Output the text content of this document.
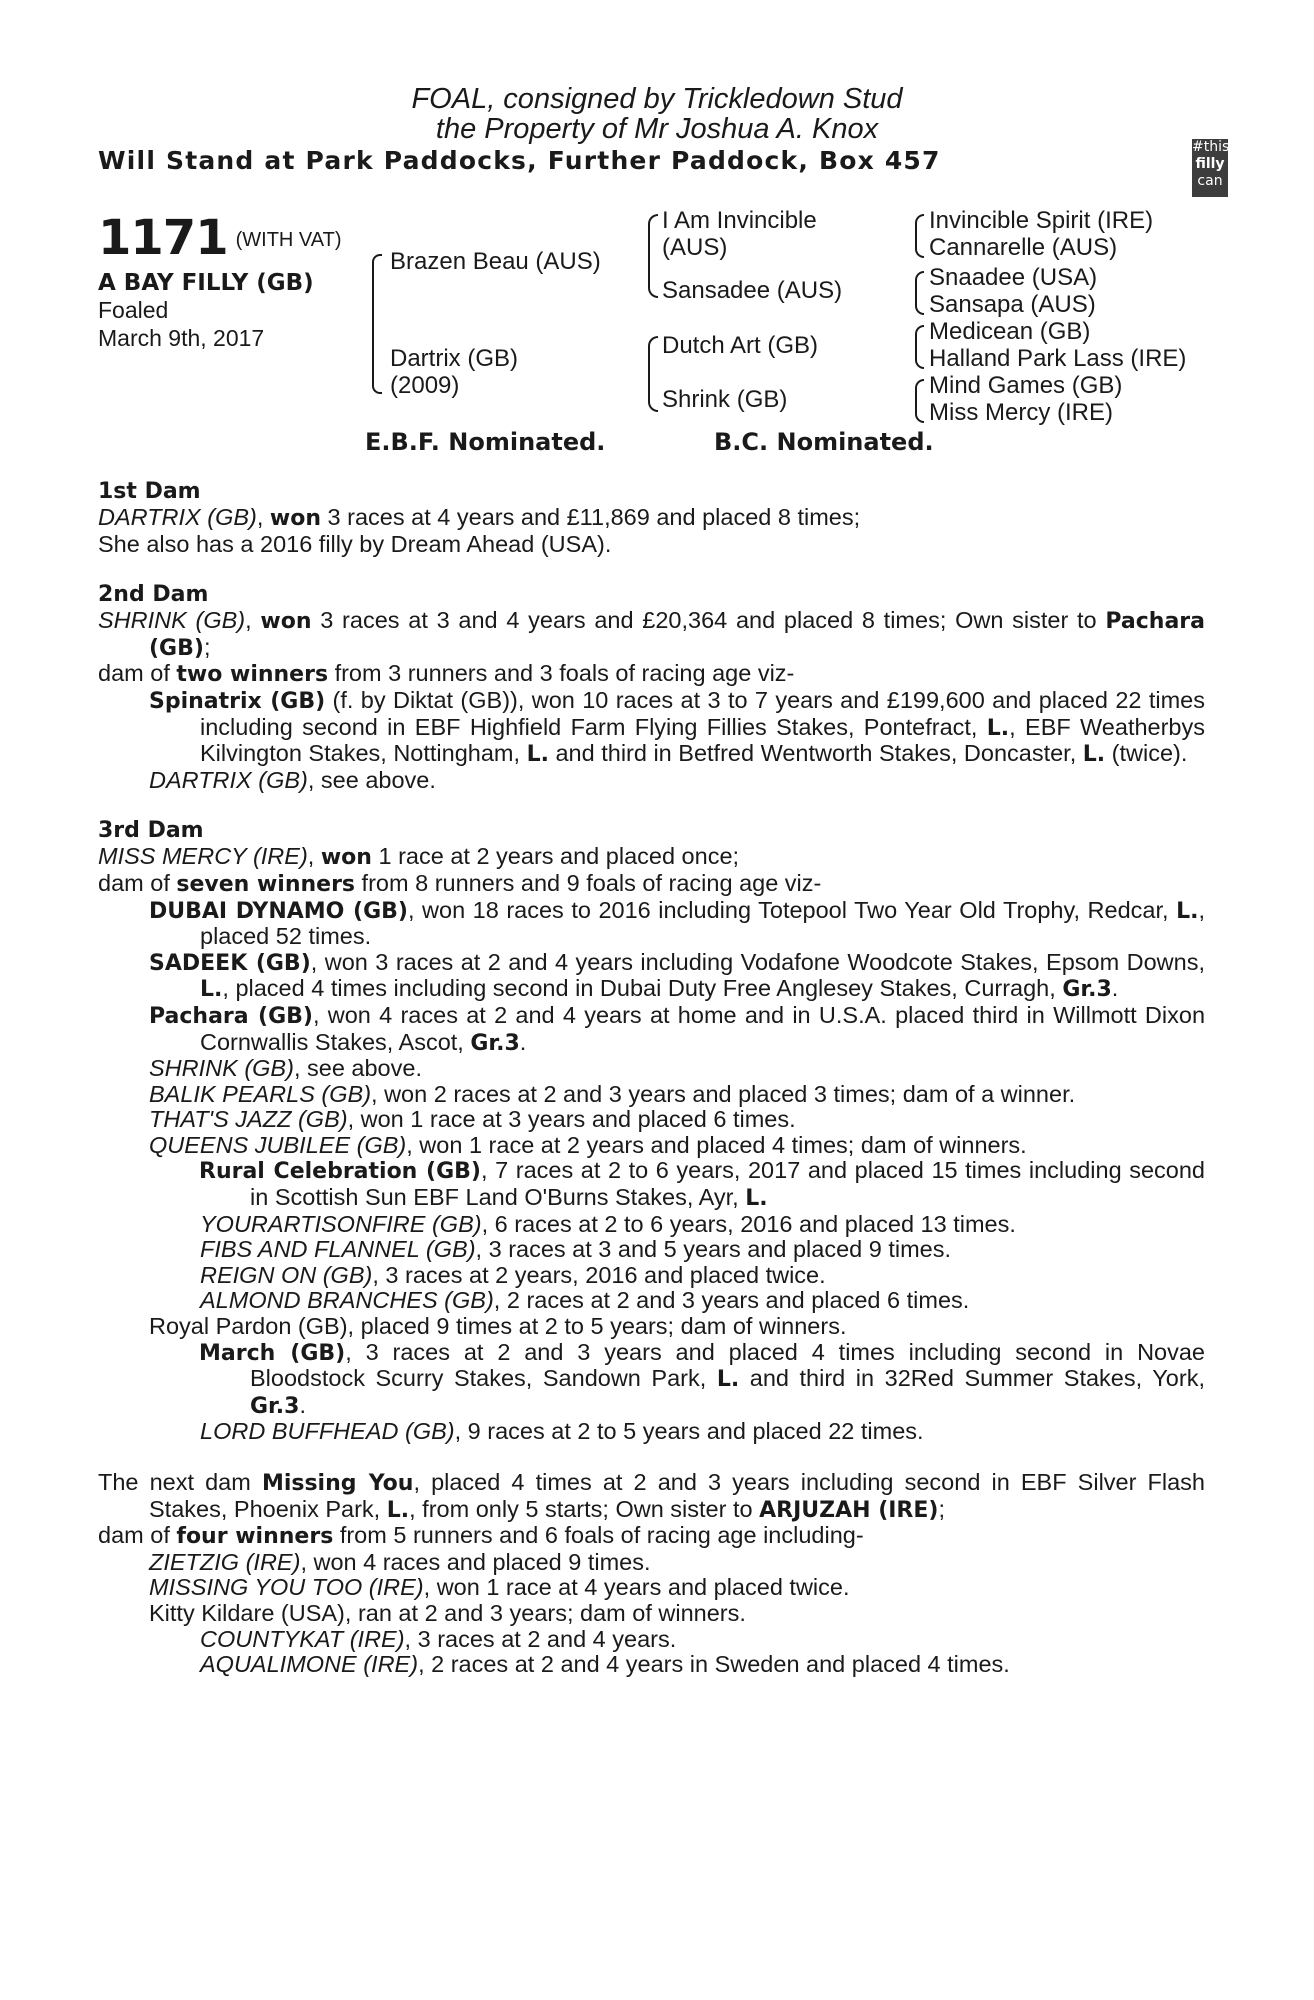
FOAL, consigned by Trickledown Stud
the Property of Mr Joshua A. Knox
Will Stand at Park Paddocks, Further Paddock, Box 457	#this
filly
can
1171 (WITH VAT)
A BAY FILLY (GB)
Foaled
March 9th, 2017
Brazen Beau (AUS)
Dartrix (GB)
(2009)
I Am Invincible
(AUS)
Sansadee (AUS)
Dutch Art (GB)
Shrink (GB)
Invincible Spirit (IRE)
Cannarelle (AUS)
Snaadee (USA)
Sansapa (AUS)
Medicean (GB)
Halland Park Lass (IRE)
Mind Games (GB)
Miss Mercy (IRE)
E.B.F. Nominated.	B.C. Nominated.
1st Dam
DARTRIX (GB), won 3 races at 4 years and £11,869 and placed 8 times;
She also has a 2016 filly by Dream Ahead (USA).
2nd Dam
SHRINK (GB), won 3 races at 3 and 4 years and £20,364 and placed 8 times; Own sister to Pachara (GB);
dam of two winners from 3 runners and 3 foals of racing age viz-
Spinatrix (GB) (f. by Diktat (GB)), won 10 races at 3 to 7 years and £199,600 and placed 22 times including second in EBF Highfield Farm Flying Fillies Stakes, Pontefract, L., EBF Weatherbys Kilvington Stakes, Nottingham, L. and third in Betfred Wentworth Stakes, Doncaster, L. (twice).
DARTRIX (GB), see above.
3rd Dam
MISS MERCY (IRE), won 1 race at 2 years and placed once;
dam of seven winners from 8 runners and 9 foals of racing age viz-
DUBAI DYNAMO (GB), won 18 races to 2016 including Totepool Two Year Old Trophy, Redcar, L., placed 52 times.
SADEEK (GB), won 3 races at 2 and 4 years including Vodafone Woodcote Stakes, Epsom Downs, L., placed 4 times including second in Dubai Duty Free Anglesey Stakes, Curragh, Gr.3.
Pachara (GB), won 4 races at 2 and 4 years at home and in U.S.A. placed third in Willmott Dixon Cornwallis Stakes, Ascot, Gr.3.
SHRINK (GB), see above.
BALIK PEARLS (GB), won 2 races at 2 and 3 years and placed 3 times; dam of a winner.
THAT'S JAZZ (GB), won 1 race at 3 years and placed 6 times.
QUEENS JUBILEE (GB), won 1 race at 2 years and placed 4 times; dam of winners.
Rural Celebration (GB), 7 races at 2 to 6 years, 2017 and placed 15 times including second in Scottish Sun EBF Land O'Burns Stakes, Ayr, L.
YOURARTISONFIRE (GB), 6 races at 2 to 6 years, 2016 and placed 13 times.
FIBS AND FLANNEL (GB), 3 races at 3 and 5 years and placed 9 times.
REIGN ON (GB), 3 races at 2 years, 2016 and placed twice.
ALMOND BRANCHES (GB), 2 races at 2 and 3 years and placed 6 times.
Royal Pardon (GB), placed 9 times at 2 to 5 years; dam of winners.
March (GB), 3 races at 2 and 3 years and placed 4 times including second in Novae Bloodstock Scurry Stakes, Sandown Park, L. and third in 32Red Summer Stakes, York, Gr.3.
LORD BUFFHEAD (GB), 9 races at 2 to 5 years and placed 22 times.
The next dam Missing You, placed 4 times at 2 and 3 years including second in EBF Silver Flash Stakes, Phoenix Park, L., from only 5 starts; Own sister to ARJUZAH (IRE);
dam of four winners from 5 runners and 6 foals of racing age including-
ZIETZIG (IRE), won 4 races and placed 9 times.
MISSING YOU TOO (IRE), won 1 race at 4 years and placed twice.
Kitty Kildare (USA), ran at 2 and 3 years; dam of winners.
COUNTYKAT (IRE), 3 races at 2 and 4 years.
AQUALIMONE (IRE), 2 races at 2 and 4 years in Sweden and placed 4 times.
